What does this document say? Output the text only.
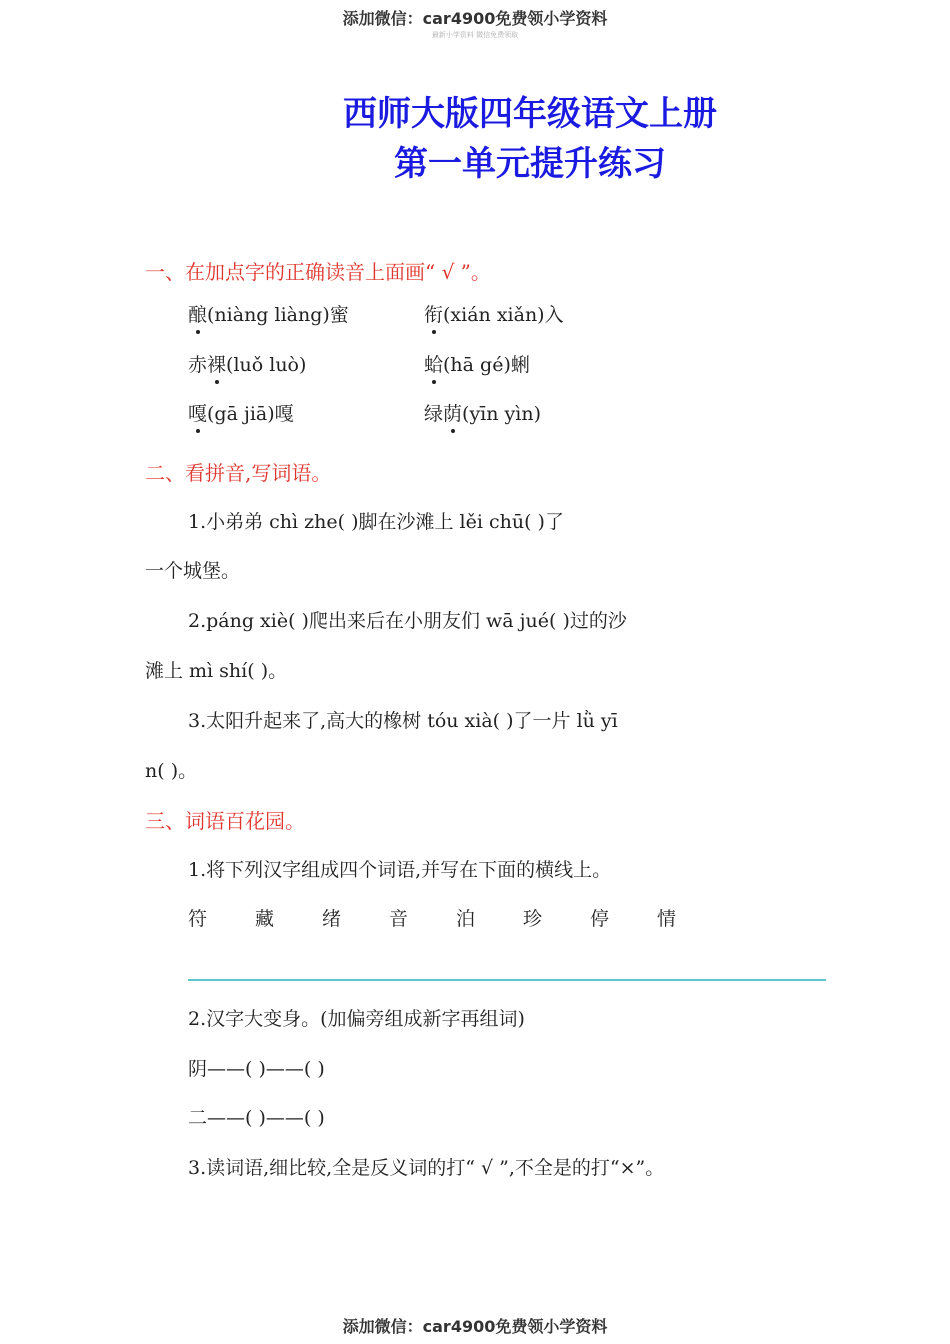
添加微信：car4900免费领小学资料
最新小学资料 微信免费领取
西师大版四年级语文上册
第一单元提升练习
一、在加点字的正确读音上面画“ √ ”。
酿(niàng liàng)蜜	衔(xián xiǎn)入
赤裸(luǒ luò)	蛤(hā gé)蜊
嘎(gā jiā)嘎	绿荫(yīn yìn)
二、看拼音,写词语。
1.小弟弟 chì zhe( )脚在沙滩上 lěi chū( )了
一个城堡。
2.páng xiè( )爬出来后在小朋友们 wā jué( )过的沙
滩上 mì shí( )。
3.太阳升起来了,高大的橡树 tóu xià( )了一片 lǜ yī
n( )。
三、词语百花园。
1.将下列汉字组成四个词语,并写在下面的横线上。
符	藏	绪	音	泊	珍	停	情
2.汉字大变身。(加偏旁组成新字再组词)
阴——( )——( )
二——( )——( )
3.读词语,细比较,全是反义词的打“ √ ”,不全是的打“×”。
添加微信：car4900免费领小学资料
